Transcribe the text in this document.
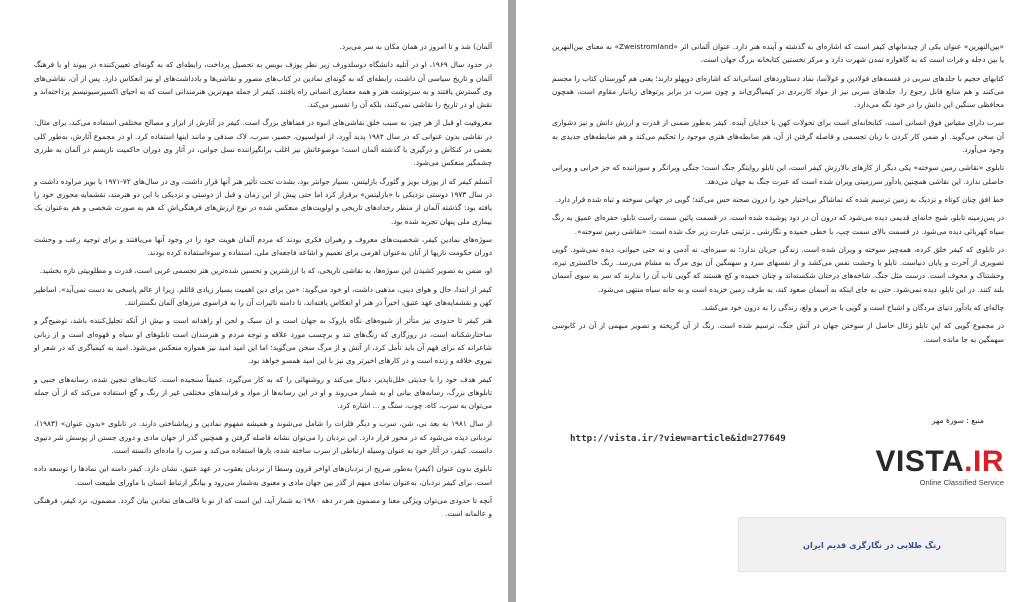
آلمان) شد و تا امروز در همان مکان به سر می‌برد.

در حدود سال ۱۹۶۹، او در آتلیه دانشگاه دوسلدورف زیر نظر یوزف بویس به تحصیل پرداخت، رابطه‌ای که به گونه‌ای تعیین‌کننده در پیوند او با فرهنگ آلمان و تاریخ سیاسی آن داشت، رابطه‌ای که به گونه‌ای نمادین در کتاب‌های مصور و نقاشی‌ها و یادداشت‌های او نیز انعکاس دارد. پس از آن، نقاشی‌های وی گسترش یافتند و به سرنوشت هنر و همه معماری انسانی راه یافتند. کیفر از جمله مهم‌ترین هنرمندانی است که به احیای اکسپرسیونیسم پرداخته‌اند و نقش او در تاریخ را نقاشی نمی‌کنند، بلکه آن را تفسیر می‌کند.

معروفیت او قبل از هر چیز، به سبب خلق نقاشی‌های انبوه در فضاهای بزرگ است. کیفر در آثارش از ابزار و مصالح مختلفی استفاده می‌کند، برای مثال: در نقاشی بدون عنوانی که در سال ۱۹۸۴ پدید آورد، از امولسیون، حصیر، سرب، لاک صدفی و مانند اینها استفاده کرد. او در مجموع آثارش، به‌طور کلی بعضی در کنکاش و درگیری با گذشته آلمان است؛ موضوعاتش نیز اغلب برانگیزاننده نسل جوانی، در آثار وی دوران حاکمیت نازیسم در آلمان به طرزی چشمگیر منعکس می‌شود.

آنسلم کیفر که از یوزف بویز و گئورگ بازلیتس، بسیار جوانتر بود، بشدت تحت تأثیر هنر آنها قرار داشت، وی در سال‌های ۷۲-۱۹۷۱ با بویز مراوده داشت و در سال ۱۹۷۳ دوستی نزدیکی با «بازلیتس» برقرار کرد اما حتی پیش از این زمان و قبل از دوستی و نزدیکی با این دو هنرمند، نقشمایه محوری خود را یافته بود: گذشته آلمان از منظر رخدادهای تاریخی و اولویت‌های منعکس شده در نوع ارزش‌های فرهنگی‌اش که هم به صورت شخصی و هم به‌عنوان یک بیماری ملی پنهان تجربه شده بود.

سوژه‌های نمادین کیفر، شخصیت‌های معروف و رهبران فکری بودند که مردم آلمان هویت خود را در وجود آنها می‌یافتند و برای توجیه رعب و وحشت دوران حکومت نازیها از آنان به‌عنوان اهرمی برای تعمیم و اشاعه فاجعه‌ای ملی، استفاده و سوءاستفاده کرده بودند.

او، ضمن به تصویر کشیدن این سوژه‌ها، به نقاشی تاریخی، که با ارزشترین و تحسین شده‌ترین هنر تجسمی غربی است، قدرت و مطلوبیتی تازه بخشید.

کیفر از ابتدا، حال و هوای دینی، مذهبی داشت، او خود می‌گوید: «من برای دین اهمیت بسیار زیادی قائلم. زیرا از عالم پاسخی به دست نمی‌آید». اساطیر کهن و نقشمایه‌های عهد عتیق، اخیراً در هنر او انعکاس یافته‌اند، تا دامنه تاثیرات آن را به فراسوی مرزهای آلمان بگسترانند.

هنر کیفر تا حدودی نیز متأثر از شیوه‌های نگاه باروک به جهان است و ان سبک و لحن او زاهدانه است و بیش از آنکه تجلیل‌کننده باشد، توضیح‌گر و ساختارشکنانه است، در روزگاری که رنگ‌های تند و برچسب مورد علاقه و توجه مردم و هنرمندان است تابلوهای او سیاه و قهوه‌ای است و از زبانی شاعرانه که برای فهم آن باید تأمل کرد، از آتش و از مرگ سخن می‌گوید؛ اما این امید امید نیز همواره منعکس می‌شود. امید به کیمیاگری که در شعر او نیروی خلاقه و زنده است و در کارهای اخیرتر وی نیز با این امید همسو خواهد بود.

کیفر هدف خود را با جدیتی خلل‌ناپذیر، دنبال می‌کند و روشنهائی را که به کار می‌گیرد، عمیقاً سنجیده است. کتاب‌های تنجین شده، رسانه‌های جنبی و تابلوهای بزرگ، رسانه‌های بیانی او به شمار می‌روند و او در این رسانه‌ها از مواد و فرایندهای مختلفی غیر از رنگ و گچ استفاده می‌کند که از آن جمله می‌توان به سرب، کاه، چوب، سنگ و ... اشاره کرد.

از سال ۱۹۸۱ به بعد نی، شن، سرب و دیگر فلزات را شامل می‌شوند و همیشه مفهوم نمادین و زیباشناختی دارند. در تابلوی «بدون عنوان» (۱۹۸۳)، نردبانی دیده می‌شود که در محور قرار دارد. این نردبان را می‌توان نشانه فاصله گرفتن و همچنین گذر از جهان مادی و دوری جستن از پوسش شر دنیوی دانست. کیفر، در آثار خود به عنوان وسیله ارتباطی از سرب ساخته شده، بارها استفاده می‌کند و سرب را ماده‌ای دانسته است.

تابلوی بدون عنوان (کیفر) به‌طور صریح از نردبان‌های اواخر قرون وسطا از نردبان یعقوب در عهد عتیق، نشان دارد. کیفر دامنه این نمادها را توسعه داده است. برای کیفر نردبان، به‌عنوان نمادی مبهم از گذر بین جهان مادی و معنوی به‌شمار می‌رود و بیانگر ارتباط انسان با ماورای طبیعت است.

آنچه تا حدودی می‌توان ویژگی معنا و مضمون هنر در دهه ۱۹۸۰ به شمار آید، این است که از نو با قالب‌های تمادین بیان گردد. مضمون، نزد کیفر، فرهنگی و عالمانه است.

«بین‌النهرین» عنوان یکی از چیدمانهای کیفر است که اشاره‌ای به گذشته و آینده هنر دارد. عنوان آلمانی اثر «Zweistromland» به معنای بین‌النهرین یا بین دجله و فرات است که به گاهواره تمدن شهرت دارد و مرکز نخستین کتابخانه بزرگ جهان است.

کتابهای حجیم با جلدهای سربی در قفسه‌های فولادین و غولآسا، نماد دستاوردهای انسانی‌اند که اشاره‌ای دوپهلو دارند؛ یعنی هم گورستان کتاب را مجسم می‌کنند و هم منابع قابل رجوع را. جلدهای سربی نیز از مواد کاربردی در کیمیاگری‌اند و چون سرب در برابر پرتوهای زیانبار مقاوم است، همچون محافظی سنگین این دانش را در خود نگه می‌دارد.

سرب دارای مقیاس فوق انسانی است، کتابخانه‌ای است برای تحولات کهن یا خدایان آینده. کیفر به‌طور ضمنی از قدرت و ارزش دانش و نیز دشواری آن سخن می‌گوید. او ضمن کار کردن با زبان تجسمی و فاصله گرفتن از آن، هم ضابطه‌های هنری موجود را تحکیم می‌کند و هم ضابطه‌های جدیدی به وجود می‌آورد.

تابلوی «نقاشی زمین سوخته» یکی دیگر از کارهای بالارزش کیفر است، این تابلو روایتگر جنگ است؛ جنگی ویرانگر و سوزاننده که جز خرابی و ویرانی حاصلی ندارد. این نقاشی همچنین یادآور سرزمینی ویران شده است که عبرت جنگ به جهان می‌دهد.

خط افق چنان کوتاه و نزدیک به زمین ترسیم شده که تماشاگر بی‌اختیار خود را درون صحنه حس می‌کند؛ گویی در جهانی سوخته و تباه شده قرار دارد.

در پس‌زمینه تابلو، شبح خانه‌ای قدیمی دیده می‌شود که درون آن در دود پوشیده شده است. در قسمت پائین سمت راست تابلو، حفره‌ای عمیق به رنگ سیاه کهربائی دیده می‌شود. در قسمت بالای سمت چپ، با خطی خمیده و نگارشی ـ تزئینی عبارت زیر حک شده است: «نقاشی زمین سوخته».

در تابلوی که کیفر خلق کرده، همه‌چیز سوخته و ویران شده است. زندگی جریان ندارد؛ نه سبزه‌ای، نه آدمی و نه حتی حیوانی، دیده نمی‌شود. گویی تصویری از آخرت و پایان دنیاست. تابلو با وحشت نفس می‌کشد و از نفسهای سرد و سهمگین آن بوی مرگ به مشام می‌رسد. رنگ خاکستری تیره، وحشتناک و مخوف است. درست مثل جنگ. شاخه‌های درختان شکسته‌اند و چنان خمیده و کج هستند که گویی تاب آن را ندارند که سر به سوی آسمان بلند کنند. در این تابلو، دیده نمی‌شود. حتی به جای اینکه به آسمان صعود کند، به طرف زمین خزیده است و به جانه سیاه منتهی می‌شود.

چاله‌ای که یادآور دنیای مردگان و اشباح است و گویی با حرص و ولع، زندگی را به درون خود می‌کشد.

در مجموع گویی که این تابلو زغال حاصل از سوختن جهان در آتش جنگ، ترسیم شده است. رنگ از آن گریخته و تصویر مبهمی از آن در کابوسی سهمگین به جا مانده است.

منبع : سورهٔ مهر
http://vista.ir/?view=article&id=277649
VISTA.IR
Online Classified Service
رنگ طلایی در نگارگری قدیم ایران
